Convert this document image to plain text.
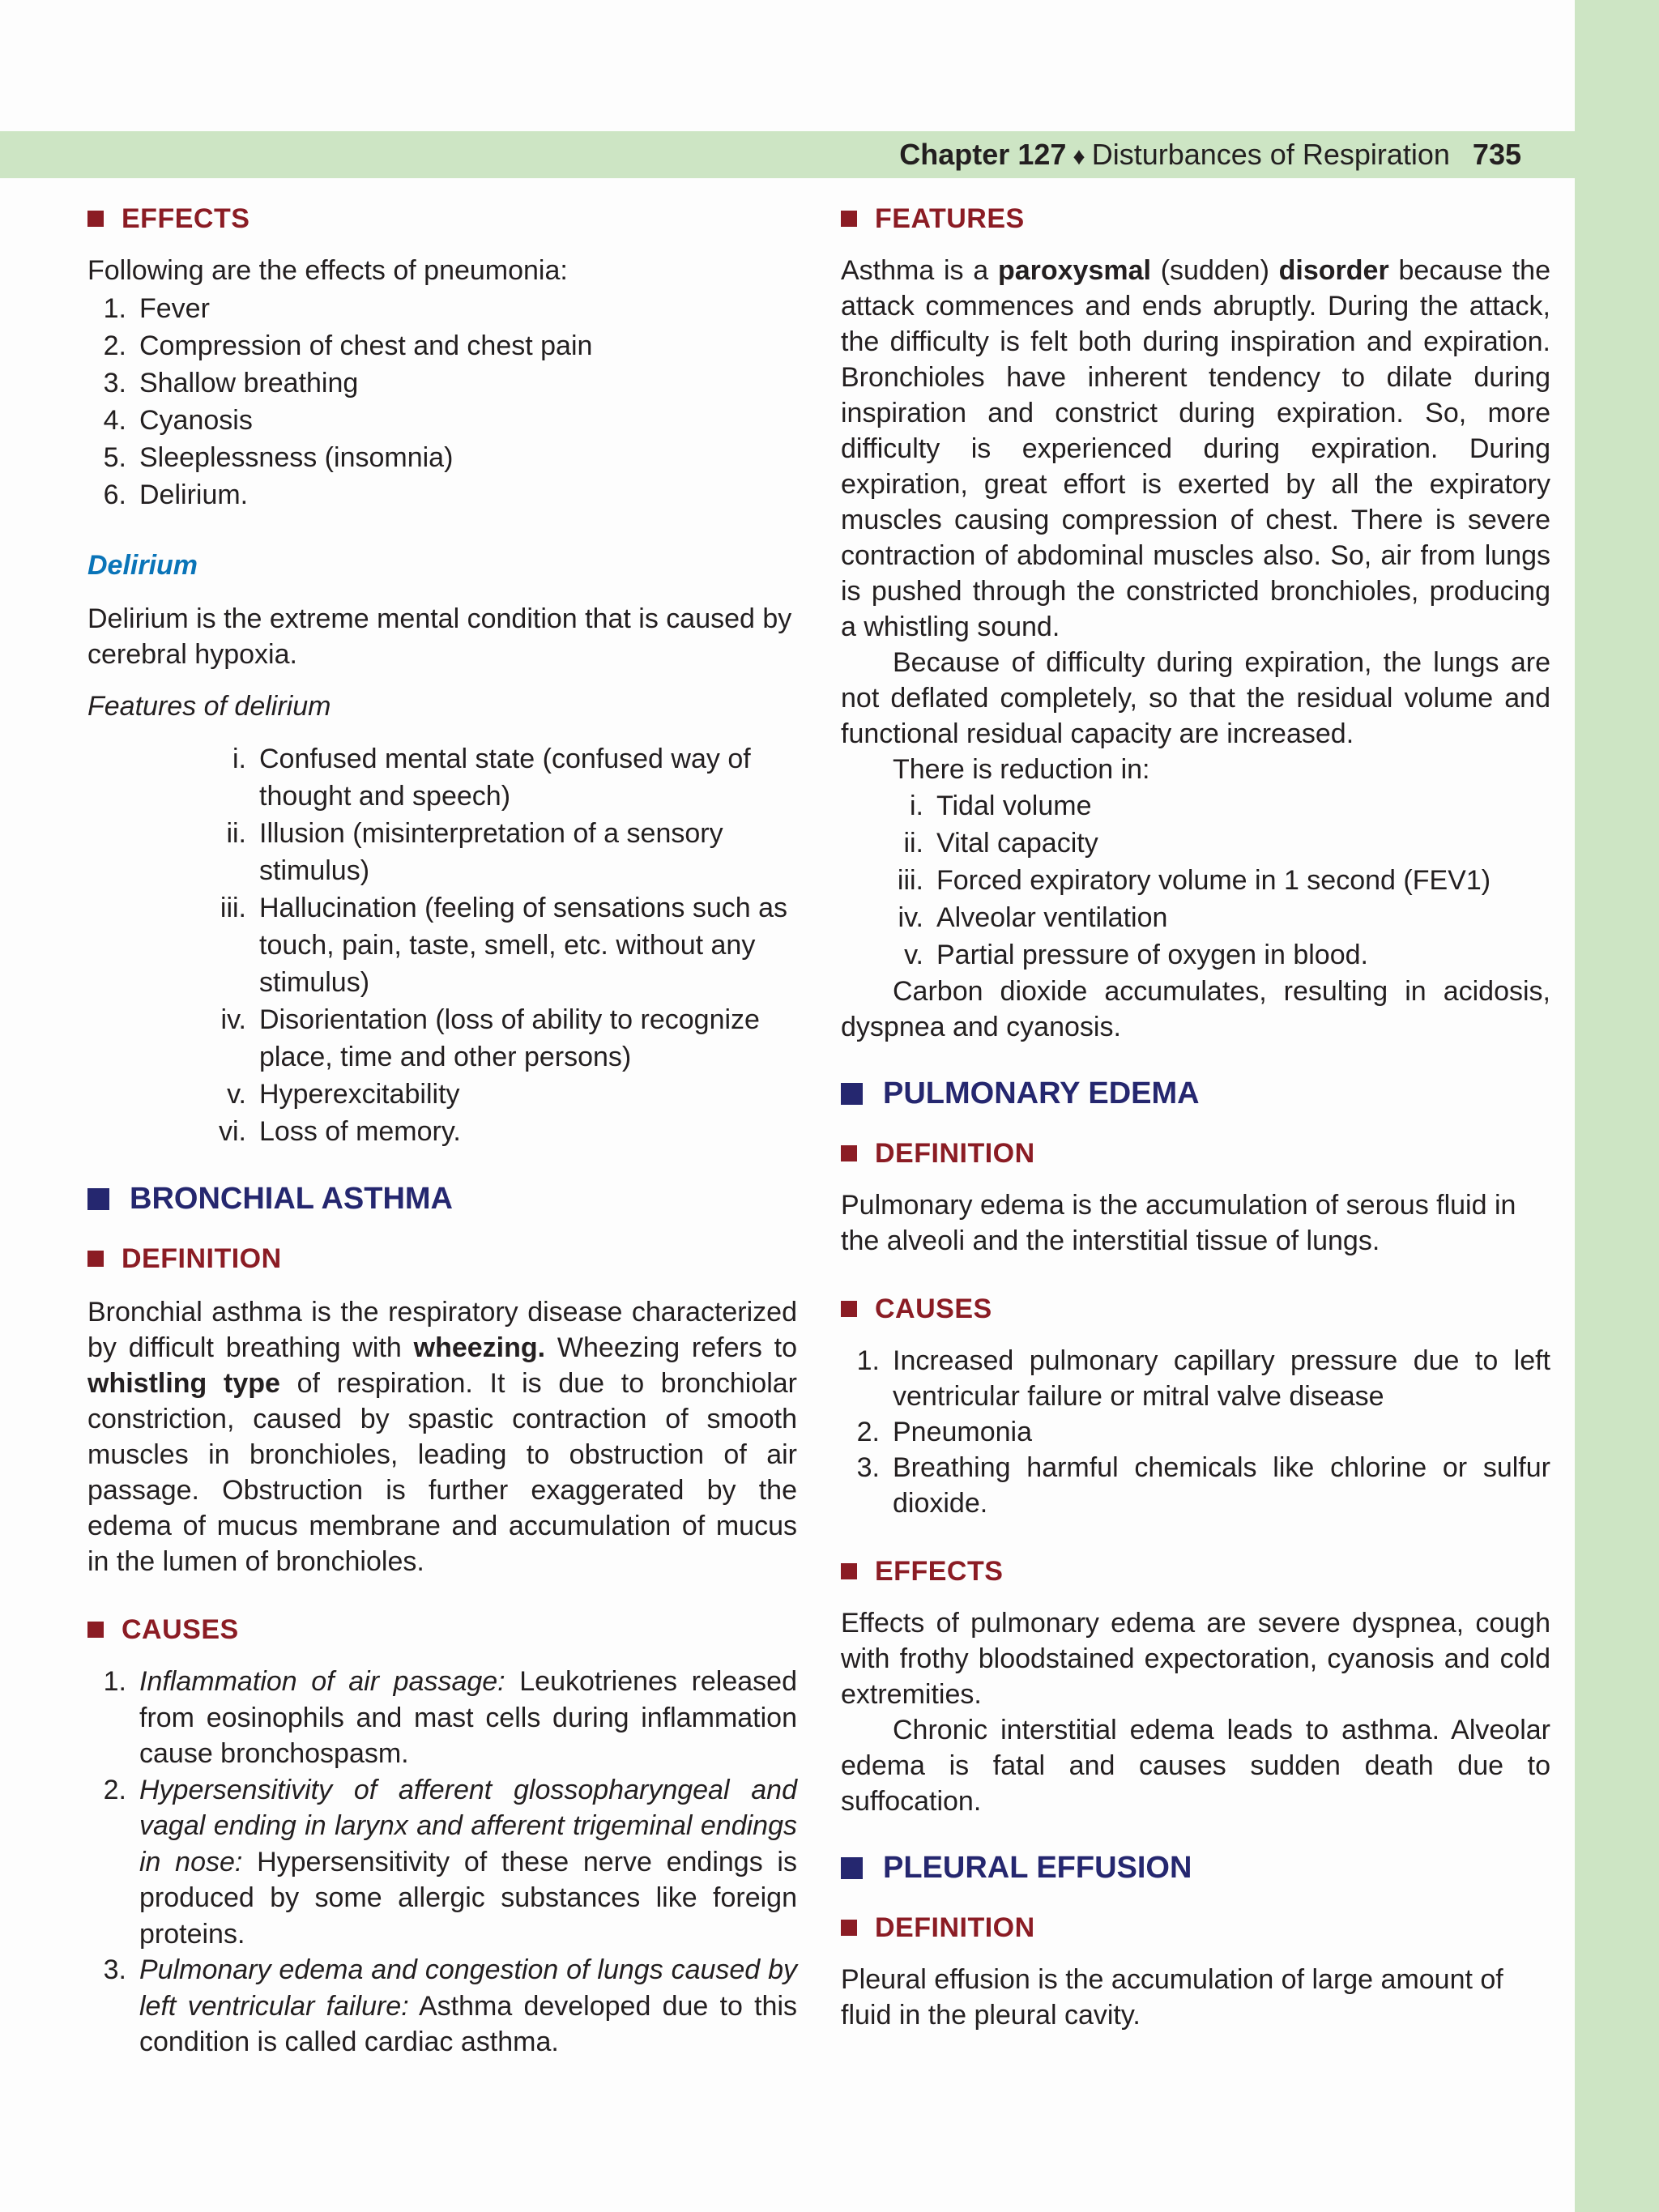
Chapter 127 ♦ Disturbances of Respiration 735
EFFECTS

Following are the effects of pneumonia:

1. Fever
2. Compression of chest and chest pain
3. Shallow breathing
4. Cyanosis
5. Sleeplessness (insomnia)
6. Delirium.
Delirium

Delirium is the extreme mental condition that is caused by cerebral hypoxia.

Features of delirium
i. Confused mental state (confused way of thought and speech)
ii. Illusion (misinterpretation of a sensory stimulus)
iii. Hallucination (feeling of sensations such as touch, pain, taste, smell, etc. without any stimulus)
iv. Disorientation (loss of ability to recognize place, time and other persons)
v. Hyperexcitability
vi. Loss of memory.
BRONCHIAL ASTHMA
DEFINITION

Bronchial asthma is the respiratory disease characterized by difficult breathing with wheezing. Wheezing refers to whistling type of respiration. It is due to bronchiolar constriction, caused by spastic contraction of smooth muscles in bronchioles, leading to obstruction of air passage. Obstruction is further exaggerated by the edema of mucus membrane and accumulation of mucus in the lumen of bronchioles.

CAUSES
1. Inflammation of air passage: Leukotrienes released from eosinophils and mast cells during inflammation cause bronchospasm.
2. Hypersensitivity of afferent glossopharyngeal and vagal ending in larynx and afferent trigeminal endings in nose: Hypersensitivity of these nerve endings is produced by some allergic substances like foreign proteins.
3. Pulmonary edema and congestion of lungs caused by left ventricular failure: Asthma developed due to this condition is called cardiac asthma.
FEATURES

Asthma is a paroxysmal (sudden) disorder because the attack commences and ends abruptly. During the attack, the difficulty is felt both during inspiration and expiration. Bronchioles have inherent tendency to dilate during inspiration and constrict during expiration. So, more difficulty is experienced during expiration. During expiration, great effort is exerted by all the expiratory muscles causing compression of chest. There is severe contraction of abdominal muscles also. So, air from lungs is pushed through the constricted bronchioles, producing a whistling sound.

Because of difficulty during expiration, the lungs are not deflated completely, so that the residual volume and functional residual capacity are increased.

There is reduction in:

i. Tidal volume
ii. Vital capacity
iii. Forced expiratory volume in 1 second (FEV1)
iv. Alveolar ventilation
v. Partial pressure of oxygen in blood.

Carbon dioxide accumulates, resulting in acidosis, dyspnea and cyanosis.

PULMONARY EDEMA
DEFINITION

Pulmonary edema is the accumulation of serous fluid in the alveoli and the interstitial tissue of lungs.

CAUSES
1. Increased pulmonary capillary pressure due to left ventricular failure or mitral valve disease
2. Pneumonia
3. Breathing harmful chemicals like chlorine or sulfur dioxide.
EFFECTS

Effects of pulmonary edema are severe dyspnea, cough with frothy bloodstained expectoration, cyanosis and cold extremities.

Chronic interstitial edema leads to asthma. Alveolar edema is fatal and causes sudden death due to suffocation.

PLEURAL EFFUSION
DEFINITION

Pleural effusion is the accumulation of large amount of fluid in the pleural cavity.
